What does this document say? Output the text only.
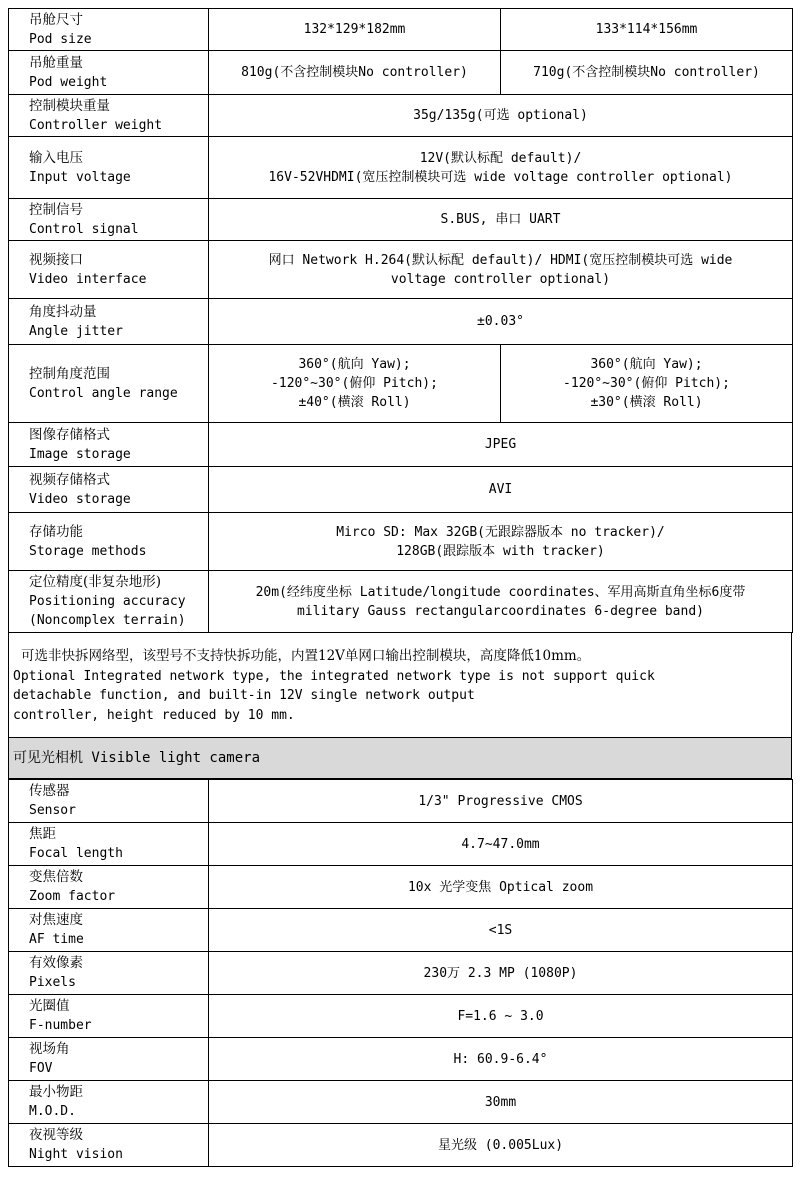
吊舱尺寸
Pod size	132*129*182mm	133*114*156mm

吊舱重量
Pod weight	810g(不含控制模块No controller)	710g(不含控制模块No controller)

控制模块重量
Controller weight	35g/135g(可选 optional)	

输入电压
Input voltage	12V(默认标配 default)/
16V-52VHDMI(宽压控制模块可选 wide voltage controller optional)	

控制信号
Control signal	S.BUS, 串口 UART	

视频接口
Video interface	网口 Network H.264(默认标配 default)/ HDMI(宽压控制模块可选 wide
voltage controller optional)	

角度抖动量
Angle jitter	±0.03°	

控制角度范围
Control angle range	360°(航向 Yaw);
-120°~30°(俯仰 Pitch);
±40°(横滚 Roll)	360°(航向 Yaw);
-120°~30°(俯仰 Pitch);
±30°(横滚 Roll)

图像存储格式
Image storage	JPEG	

视频存储格式
Video storage	AVI	

存储功能
Storage methods	Mirco SD: Max 32GB(无跟踪器版本 no tracker)/
128GB(跟踪版本 with tracker)	

定位精度(非复杂地形)
Positioning accuracy
(Noncomplex terrain)	20m(经纬度坐标 Latitude/longitude coordinates、军用高斯直角坐标6度带
military Gauss rectangularcoordinates 6-degree band)	
可选非快拆网络型，该型号不支持快拆功能，内置12V单网口输出控制模块，高度降低10mm。
Optional Integrated network type, the integrated network type is not support quick
detachable function, and built-in 12V single network output
controller, height reduced by 10 mm.
可见光相机 Visible light camera
传感器
Sensor	1/3" Progressive CMOS

焦距
Focal length	4.7~47.0mm

变焦倍数
Zoom factor	10x 光学变焦 Optical zoom

对焦速度
AF time	<1S

有效像素
Pixels	230万 2.3 MP (1080P)

光圈值
F-number	F=1.6 ~ 3.0

视场角
FOV	H: 60.9-6.4°

最小物距
M.O.D.	30mm

夜视等级
Night vision	星光级 (0.005Lux)
